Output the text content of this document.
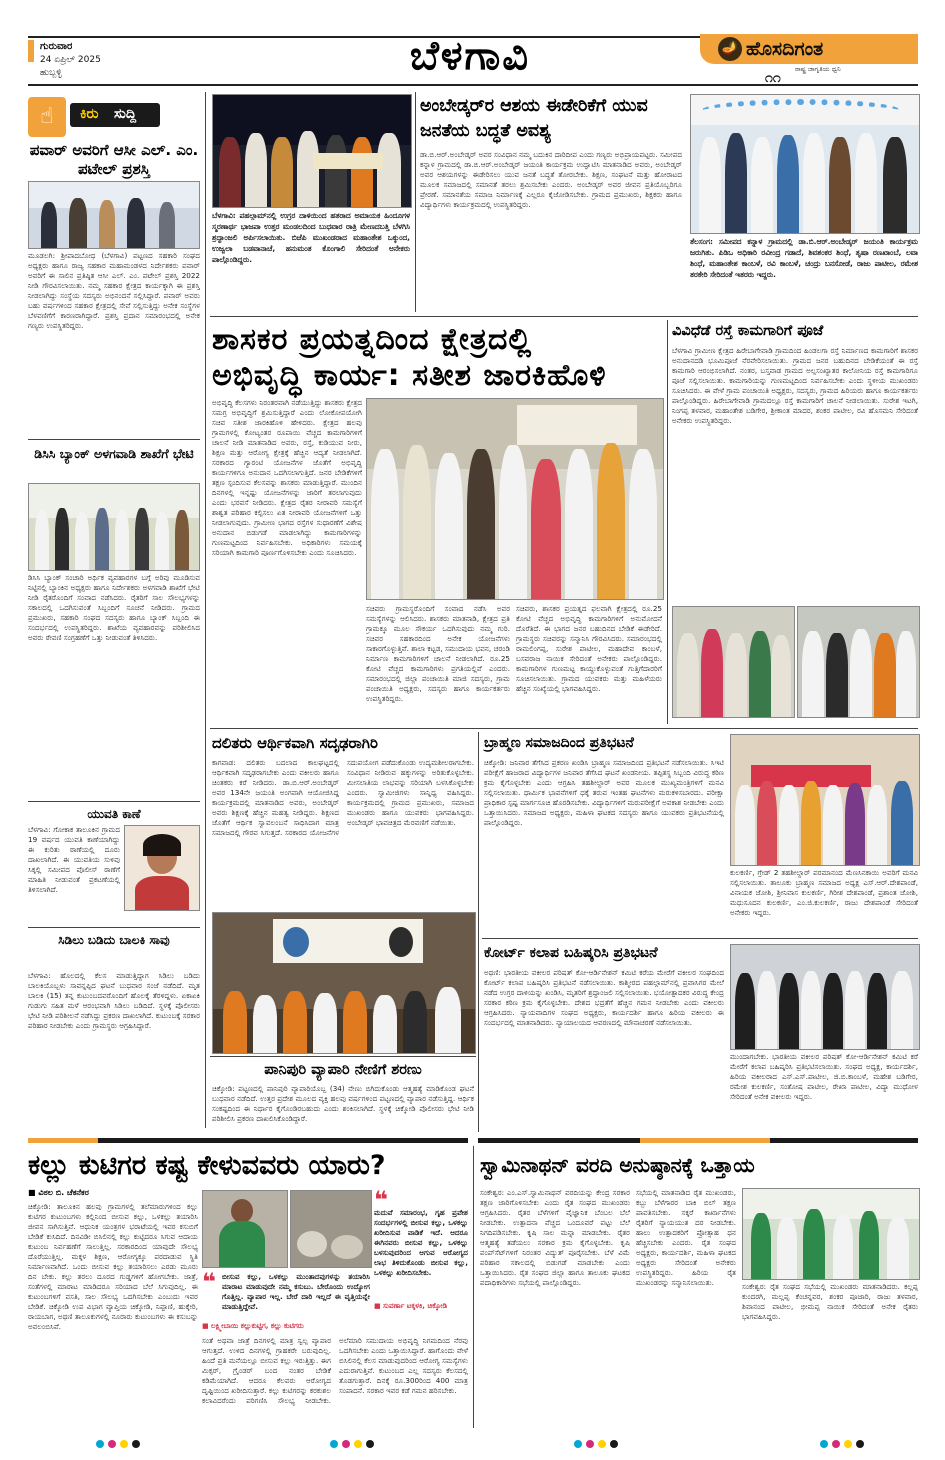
ಗುರುವಾರ
24 ಏಪ್ರಿಲ್ 2025
ಹುಬ್ಬಳ್ಳಿ	ಬೆಳಗಾವಿ	🪔 ಹೊಸದಿಗಂತ
ರಾಷ್ಟ್ರ ಜಾಗೃತಿಯ ಧ್ವನಿ
೧೧
☝	ಕಿರು ಸುದ್ದಿ
ಪವಾರ್ ಅವರಿಗೆ ಆಸೀ ಎಲ್. ಎಂ. ಪಟೇಲ್ ಪ್ರಶಸ್ತಿ
ಮೂಡಲಗಿ: ಶ್ರೀಪಾದಬೋಧ (ಬೆಳಗಾವಿ) ಪಟ್ಟಣದ ಸಹಕಾರಿ ಸಂಘದ ಅಧ್ಯಕ್ಷರು ಹಾಗೂ ರಾಜ್ಯ ಸಹಕಾರ ಮಹಾಮಂಡಳದ ನಿರ್ದೇಶಕರು ಪವಾರ್ ಅವರಿಗೆ ಈ ಸಾಲಿನ ಪ್ರತಿಷ್ಠಿತ ಆಸೀ ಎಲ್. ಎಂ. ಪಟೇಲ್ ಪ್ರಶಸ್ತಿ 2022 ನೀಡಿ ಗೌರವಿಸಲಾಯಿತು. ನಮ್ಮ ಸಹಕಾರ ಕ್ಷೇತ್ರದ ಕಾರ್ಯಕ್ಕಾಗಿ ಈ ಪ್ರಶಸ್ತಿ ನೀಡಲಾಗಿದ್ದು ಸಂಸ್ಥೆಯ ಸದಸ್ಯರು ಅಭಿನಂದನೆ ಸಲ್ಲಿಸಿದ್ದಾರೆ. ಪವಾರ್ ಅವರು ಬಹು ವರ್ಷಗಳಿಂದ ಸಹಕಾರ ಕ್ಷೇತ್ರದಲ್ಲಿ ಸೇವೆ ಸಲ್ಲಿಸುತ್ತಿದ್ದು ಅನೇಕ ಸಂಸ್ಥೆಗಳ ಬೆಳವಣಿಗೆಗೆ ಕಾರಣರಾಗಿದ್ದಾರೆ. ಪ್ರಶಸ್ತಿ ಪ್ರದಾನ ಸಮಾರಂಭದಲ್ಲಿ ಅನೇಕ ಗಣ್ಯರು ಉಪಸ್ಥಿತರಿದ್ದರು.
ಡಿಸಿಸಿ ಬ್ಯಾಂಕ್ ಅಳಗವಾಡಿ ಶಾಖೆಗೆ ಭೇಟಿ
ಡಿಸಿಸಿ ಬ್ಯಾಂಕ್ ಸಂಚಾರಿ ಅರ್ಥಿಕ ವ್ಯವಹಾರಗಳ ಬಗ್ಗೆ ಅರಿವು ಮೂಡಿಸುವ ನಿಟ್ಟಿನಲ್ಲಿ ಬ್ಯಾಂಕಿನ ಅಧ್ಯಕ್ಷರು ಹಾಗೂ ನಿರ್ದೇಶಕರು ಅಳಗವಾಡಿ ಶಾಖೆಗೆ ಭೇಟಿ ನೀಡಿ ರೈತರೊಂದಿಗೆ ಸಂವಾದ ನಡೆಸಿದರು. ರೈತರಿಗೆ ಸಾಲ ಸೌಲಭ್ಯಗಳನ್ನು ಸಕಾಲದಲ್ಲಿ ಒದಗಿಸುವಂತೆ ಸಿಬ್ಬಂದಿಗೆ ಸೂಚನೆ ನೀಡಿದರು. ಗ್ರಾಮದ ಪ್ರಮುಖರು, ಸಹಕಾರಿ ಸಂಘದ ಸದಸ್ಯರು ಹಾಗೂ ಬ್ಯಾಂಕ್ ಸಿಬ್ಬಂದಿ ಈ ಸಂದರ್ಭದಲ್ಲಿ ಉಪಸ್ಥಿತರಿದ್ದರು. ಶಾಖೆಯ ವ್ಯವಹಾರವನ್ನು ಪರಿಶೀಲಿಸಿದ ಅವರು ಠೇವಣಿ ಸಂಗ್ರಹಣೆಗೆ ಒತ್ತು ನೀಡುವಂತೆ ತಿಳಿಸಿದರು.
ಯುವತಿ ಕಾಣೆ
ಬೆಳಗಾವಿ: ಗೋಕಾಕ ತಾಲೂಕಿನ ಗ್ರಾಮದ 19 ವರ್ಷದ ಯುವತಿ ಕಾಣೆಯಾಗಿದ್ದು ಈ ಕುರಿತು ಠಾಣೆಯಲ್ಲಿ ದೂರು ದಾಖಲಾಗಿದೆ. ಈ ಯುವತಿಯ ಸುಳಿವು ಸಿಕ್ಕಲ್ಲಿ ಸಮೀಪದ ಪೊಲೀಸ್ ಠಾಣೆಗೆ ಮಾಹಿತಿ ನೀಡುವಂತೆ ಪ್ರಕಟಣೆಯಲ್ಲಿ ತಿಳಿಸಲಾಗಿದೆ.
ಸಿಡಿಲು ಬಡಿದು ಬಾಲಕಿ ಸಾವು
ಬೆಳಗಾವಿ: ಹೊಲದಲ್ಲಿ ಕೆಲಸ ಮಾಡುತ್ತಿದ್ದಾಗ ಸಿಡಿಲು ಬಡಿದು ಬಾಲಕಿಯೊಬ್ಬಳು ಸಾವನ್ನಪ್ಪಿದ ಘಟನೆ ಬುಧವಾರ ಸಂಜೆ ನಡೆದಿದೆ. ಮೃತ ಬಾಲಕಿ (15) ತನ್ನ ಕುಟುಂಬದವರೊಂದಿಗೆ ಹೊಲಕ್ಕೆ ತೆರಳಿದ್ದಳು. ಏಕಾಏಕಿ ಗುಡುಗು ಸಹಿತ ಮಳೆ ಆರಂಭವಾಗಿ ಸಿಡಿಲು ಬಡಿದಿದೆ. ಸ್ಥಳಕ್ಕೆ ಪೊಲೀಸರು ಭೇಟಿ ನೀಡಿ ಪರಿಶೀಲನೆ ನಡೆಸಿದ್ದು ಪ್ರಕರಣ ದಾಖಲಾಗಿದೆ. ಕುಟುಂಬಕ್ಕೆ ಸರಕಾರ ಪರಿಹಾರ ನೀಡಬೇಕು ಎಂದು ಗ್ರಾಮಸ್ಥರು ಆಗ್ರಹಿಸಿದ್ದಾರೆ.
ಬೆಳಗಾವಿ: ಪಹಲ್ಗಾಮ್‌ನಲ್ಲಿ ಉಗ್ರರ ದಾಳಿಯಿಂದ ಹತರಾದ ಅಮಾಯಕ ಹಿಂದೂಗಳ ಸ್ಮರಣಾರ್ಥ ಭಾಜಪಾ ಉತ್ತರ ಮಂಡಲದಿಂದ ಬುಧವಾರ ರಾತ್ರಿ ಮೇಣದಬತ್ತಿ ಬೆಳಗಿಸಿ ಶ್ರದ್ಧಾಂಜಲಿ ಅರ್ಪಿಸಲಾಯಿತು. ಬಿಜೆಪಿ ಮುಖಂಡರಾದ ಮಹಾಂತೇಶ ಒಕ್ಕುಂದ, ಉಜ್ವಲಾ ಬಡವಾನಾಚೆ, ಹನುಮಂತ ಕೊಂಗಾಲಿ ಸೇರಿದಂತೆ ಅನೇಕರು ಪಾಲ್ಗೊಂಡಿದ್ದರು.
ಅಂಬೇಡ್ಕರ್‌ರ ಆಶಯ ಈಡೇರಿಕೆಗೆ ಯುವ ಜನತೆಯ ಬದ್ಧತೆ ಅವಶ್ಯ
ಡಾ.ಬಿ.ಆರ್.ಅಂಬೇಡ್ಕರ್ ಅವರ ಸಂವಿಧಾನ ನಮ್ಮ ಬದುಕಿನ ದಾರಿದೀಪ ಎಂದು ಗಣ್ಯರು ಅಭಿಪ್ರಾಯಪಟ್ಟರು. ಸಮೀಪದ ಕನ್ನಾಳ ಗ್ರಾಮದಲ್ಲಿ ಡಾ.ಬಿ.ಆರ್.ಅಂಬೇಡ್ಕರ್ ಜಯಂತಿ ಕಾರ್ಯಕ್ರಮ ಉದ್ಘಾಟಿಸಿ ಮಾತನಾಡಿದ ಅವರು, ಅಂಬೇಡ್ಕರ್ ಅವರ ಆಶಯಗಳನ್ನು ಈಡೇರಿಸಲು ಯುವ ಜನತೆ ಬದ್ಧತೆ ತೋರಬೇಕು. ಶಿಕ್ಷಣ, ಸಂಘಟನೆ ಮತ್ತು ಹೋರಾಟದ ಮೂಲಕ ಸಮಾಜದಲ್ಲಿ ಸಮಾನತೆ ತರಲು ಶ್ರಮಿಸಬೇಕು ಎಂದರು. ಅಂಬೇಡ್ಕರ್ ಅವರ ಜೀವನ ಪ್ರತಿಯೊಬ್ಬರಿಗೂ ಪ್ರೇರಣೆ. ಸಮಾನತೆಯ ಸಮಾಜ ನಿರ್ಮಾಣಕ್ಕೆ ಎಲ್ಲರೂ ಕೈಜೋಡಿಸಬೇಕು. ಗ್ರಾಮದ ಪ್ರಮುಖರು, ಶಿಕ್ಷಕರು ಹಾಗೂ ವಿದ್ಯಾರ್ಥಿಗಳು ಕಾರ್ಯಕ್ರಮದಲ್ಲಿ ಉಪಸ್ಥಿತರಿದ್ದರು.
ತೆಲಸಂಗ: ಸಮೀಪದ ಕನ್ನಾಳ ಗ್ರಾಮದಲ್ಲಿ ಡಾ.ಬಿ.ಆರ್.ಅಂಬೇಡ್ಕರ್ ಜಯಂತಿ ಕಾರ್ಯಕ್ರಮ ಜರುಗಿತು. ಪಿಡಿಒ ಅಧಿಕಾರಿ ರವೀಂದ್ರ ಗಡಾದೆ, ಶಿವಶಂಕರ ಶಿಂಧೆ, ತೃಷಾ ರಣಖಾಂಬೆ, ಲವಾ ಶಿಂಧೆ, ಮಹಾಂತೇಶ ಕಾಂಬಳೆ, ರವಿ ಕಾಂಬಳೆ, ಚಂದ್ರು ಬನಸೋಡೆ, ರಾಜು ಪಾಟೀಲ, ರಮೇಶ ತರಕೇರಿ ಸೇರಿದಂತೆ ಇತರರು ಇದ್ದರು.
ಶಾಸಕರ ಪ್ರಯತ್ನದಿಂದ ಕ್ಷೇತ್ರದಲ್ಲಿ
ಅಭಿವೃದ್ಧಿ ಕಾರ್ಯ: ಸತೀಶ ಜಾರಕಿಹೊಳಿ
ಅಭಿವೃದ್ಧಿ ಕೆಲಸಗಳು ನಿರಂತರವಾಗಿ ನಡೆಯುತ್ತಿದ್ದು ಶಾಸಕರು ಕ್ಷೇತ್ರದ ಸಮಗ್ರ ಅಭಿವೃದ್ಧಿಗೆ ಶ್ರಮಿಸುತ್ತಿದ್ದಾರೆ ಎಂದು ಲೋಕೋಪಯೋಗಿ ಸಚಿವ ಸತೀಶ ಜಾರಕಿಹೊಳಿ ಹೇಳಿದರು. ಕ್ಷೇತ್ರದ ಹಲವು ಗ್ರಾಮಗಳಲ್ಲಿ ಕೋಟ್ಯಂತರ ರೂಪಾಯಿ ವೆಚ್ಚದ ಕಾಮಗಾರಿಗಳಿಗೆ ಚಾಲನೆ ನೀಡಿ ಮಾತನಾಡಿದ ಅವರು, ರಸ್ತೆ, ಕುಡಿಯುವ ನೀರು, ಶಿಕ್ಷಣ ಮತ್ತು ಆರೋಗ್ಯ ಕ್ಷೇತ್ರಕ್ಕೆ ಹೆಚ್ಚಿನ ಆದ್ಯತೆ ನೀಡಲಾಗಿದೆ. ಸರಕಾರದ ಗ್ಯಾರಂಟಿ ಯೋಜನೆಗಳ ಜೊತೆಗೆ ಅಭಿವೃದ್ಧಿ ಕಾರ್ಯಗಳಿಗೂ ಅನುದಾನ ಒದಗಿಸಲಾಗುತ್ತಿದೆ. ಜನರ ಬೇಡಿಕೆಗಳಿಗೆ ತಕ್ಷಣ ಸ್ಪಂದಿಸುವ ಕೆಲಸವನ್ನು ಶಾಸಕರು ಮಾಡುತ್ತಿದ್ದಾರೆ. ಮುಂದಿನ ದಿನಗಳಲ್ಲಿ ಇನ್ನಷ್ಟು ಯೋಜನೆಗಳನ್ನು ಜಾರಿಗೆ ತರಲಾಗುವುದು ಎಂದು ಭರವಸೆ ನೀಡಿದರು. ಕ್ಷೇತ್ರದ ರೈತರ ನೀರಾವರಿ ಸಮಸ್ಯೆಗೆ ಶಾಶ್ವತ ಪರಿಹಾರ ಕಲ್ಪಿಸಲು ಏತ ನೀರಾವರಿ ಯೋಜನೆಗಳಿಗೆ ಒತ್ತು ನೀಡಲಾಗುವುದು. ಗ್ರಾಮೀಣ ಭಾಗದ ರಸ್ತೆಗಳ ಸುಧಾರಣೆಗೆ ವಿಶೇಷ ಅನುದಾನ ಬಿಡುಗಡೆ ಮಾಡಲಾಗಿದ್ದು ಕಾಮಗಾರಿಗಳನ್ನು ಗುಣಮಟ್ಟದಿಂದ ನಿರ್ವಹಿಸಬೇಕು. ಅಧಿಕಾರಿಗಳು ಸಮಯಕ್ಕೆ ಸರಿಯಾಗಿ ಕಾಮಗಾರಿ ಪೂರ್ಣಗೊಳಿಸಬೇಕು ಎಂದು ಸೂಚಿಸಿದರು.
ಸಚಿವರು ಗ್ರಾಮಸ್ಥರೊಂದಿಗೆ ಸಂವಾದ ನಡೆಸಿ ಅವರ ಸಮಸ್ಯೆಗಳನ್ನು ಆಲಿಸಿದರು. ಶಾಸಕರು ಮಾತನಾಡಿ, ಕ್ಷೇತ್ರದ ಪ್ರತಿ ಗ್ರಾಮಕ್ಕೂ ಮೂಲ ಸೌಕರ್ಯ ಒದಗಿಸುವುದು ನಮ್ಮ ಗುರಿ. ಸಚಿವರ ಸಹಕಾರದಿಂದ ಅನೇಕ ಯೋಜನೆಗಳು ಸಾಕಾರಗೊಳ್ಳುತ್ತಿವೆ. ಶಾಲಾ ಕಟ್ಟಡ, ಸಮುದಾಯ ಭವನ, ಚರಂಡಿ ನಿರ್ಮಾಣ ಕಾಮಗಾರಿಗಳಿಗೆ ಚಾಲನೆ ನೀಡಲಾಗಿದೆ. ರೂ.25 ಕೋಟಿ ವೆಚ್ಚದ ಕಾಮಗಾರಿಗಳು ಪ್ರಗತಿಯಲ್ಲಿವೆ ಎಂದರು. ಸಮಾರಂಭದಲ್ಲಿ ಜಿಲ್ಲಾ ಪಂಚಾಯಿತಿ ಮಾಜಿ ಸದಸ್ಯರು, ಗ್ರಾಮ ಪಂಚಾಯಿತಿ ಅಧ್ಯಕ್ಷರು, ಸದಸ್ಯರು ಹಾಗೂ ಕಾರ್ಯಕರ್ತರು ಉಪಸ್ಥಿತರಿದ್ದರು.
ಸಚಿವರು, ಶಾಸಕರ ಪ್ರಯತ್ನದ ಫಲವಾಗಿ ಕ್ಷೇತ್ರದಲ್ಲಿ ರೂ.25 ಕೋಟಿ ವೆಚ್ಚದ ಅಭಿವೃದ್ಧಿ ಕಾಮಗಾರಿಗಳಿಗೆ ಅನುಮೋದನೆ ದೊರೆತಿದೆ. ಈ ಭಾಗದ ಜನರ ಬಹುದಿನದ ಬೇಡಿಕೆ ಈಡೇರಿದೆ. ಗ್ರಾಮಸ್ಥರು ಸಚಿವರನ್ನು ಸನ್ಮಾನಿಸಿ ಗೌರವಿಸಿದರು. ಸಮಾರಂಭದಲ್ಲಿ ರಾಮಲಿಂಗಪ್ಪ, ಸುರೇಶ ಪಾಟೀಲ, ಮಹಾದೇವ ಕಾಂಬಳೆ, ಬಸವರಾಜ ನಾಯಿಕ ಸೇರಿದಂತೆ ಅನೇಕರು ಪಾಲ್ಗೊಂಡಿದ್ದರು. ಕಾಮಗಾರಿಗಳ ಗುಣಮಟ್ಟ ಕಾಯ್ದುಕೊಳ್ಳುವಂತೆ ಗುತ್ತಿಗೆದಾರರಿಗೆ ಸೂಚಿಸಲಾಯಿತು. ಗ್ರಾಮದ ಯುವಕರು ಮತ್ತು ಮಹಿಳೆಯರು ಹೆಚ್ಚಿನ ಸಂಖ್ಯೆಯಲ್ಲಿ ಭಾಗವಹಿಸಿದ್ದರು.
ವಿವಿಧೆಡೆ ರಸ್ತೆ ಕಾಮಗಾರಿಗೆ ಪೂಜೆ
ಬೆಳಗಾವಿ ಗ್ರಾಮೀಣ ಕ್ಷೇತ್ರದ ಹಿರೇಬಾಗೇವಾಡಿ ಗ್ರಾಮದಿಂದ ಹಿಂಡಲಗಾ ರಸ್ತೆ ನಿರ್ಮಾಣದ ಕಾಮಗಾರಿಗೆ ಶಾಸಕರ ಅನುದಾನದಡಿ ಭೂಮಿಪೂಜೆ ನೆರವೇರಿಸಲಾಯಿತು. ಗ್ರಾಮದ ಜನರ ಬಹುದಿನದ ಬೇಡಿಕೆಯಂತೆ ಈ ರಸ್ತೆ ಕಾಮಗಾರಿ ಆರಂಭಿಸಲಾಗಿದೆ. ನಂತರ, ಬಸ್ತವಾಡ ಗ್ರಾಮದ ಅಲ್ಪಸಂಖ್ಯಾತರ ಕಾಲೋನಿಯ ರಸ್ತೆ ಕಾಮಗಾರಿಗೂ ಪೂಜೆ ಸಲ್ಲಿಸಲಾಯಿತು. ಕಾಮಗಾರಿಯನ್ನು ಗುಣಮಟ್ಟದಿಂದ ನಿರ್ವಹಿಸಬೇಕು ಎಂದು ಸ್ಥಳೀಯ ಮುಖಂಡರು ಸೂಚಿಸಿದರು. ಈ ವೇಳೆ ಗ್ರಾಮ ಪಂಚಾಯಿತಿ ಅಧ್ಯಕ್ಷರು, ಸದಸ್ಯರು, ಗ್ರಾಮದ ಹಿರಿಯರು ಹಾಗೂ ಕಾರ್ಯಕರ್ತರು ಪಾಲ್ಗೊಂಡಿದ್ದರು. ಹಿರೇಬಾಗೇವಾಡಿ ಗ್ರಾಮದಲ್ಲೂ ರಸ್ತೆ ಕಾಮಗಾರಿಗೆ ಚಾಲನೆ ನೀಡಲಾಯಿತು. ಸುರೇಶ ಇಟಗಿ, ನಿಂಗಪ್ಪ ತಳವಾರ, ಮಹಾಂತೇಶ ಬಡಿಗೇರ, ಶ್ರೀಕಾಂತ ಮಾದರ, ಶಂಕರ ಪಾಟೀಲ, ರವಿ ಹೊಸಮನಿ ಸೇರಿದಂತೆ ಅನೇಕರು ಉಪಸ್ಥಿತರಿದ್ದರು.
ದಲಿತರು ಆರ್ಥಿಕವಾಗಿ ಸದೃಢರಾಗಿರಿ
ಕಾಗವಾಡ: ದಲಿತರು ಬದಲಾದ ಕಾಲಘಟ್ಟದಲ್ಲಿ ಆರ್ಥಿಕವಾಗಿ ಸದೃಢರಾಗಬೇಕು ಎಂದು ವಕೀಲರು ಹಾಗೂ ಚಿಂತಕರು ಕರೆ ನೀಡಿದರು. ಡಾ.ಬಿ.ಆರ್.ಅಂಬೇಡ್ಕರ್ ಅವರ 134ನೇ ಜಯಂತಿ ಅಂಗವಾಗಿ ಆಯೋಜಿಸಿದ್ದ ಕಾರ್ಯಕ್ರಮದಲ್ಲಿ ಮಾತನಾಡಿದ ಅವರು, ಅಂಬೇಡ್ಕರ್ ಅವರು ಶಿಕ್ಷಣಕ್ಕೆ ಹೆಚ್ಚಿನ ಮಹತ್ವ ನೀಡಿದ್ದರು. ಶಿಕ್ಷಣದ ಜೊತೆಗೆ ಆರ್ಥಿಕ ಸ್ವಾವಲಂಬನೆ ಸಾಧಿಸಿದಾಗ ಮಾತ್ರ ಸಮಾಜದಲ್ಲಿ ಗೌರವ ಸಿಗುತ್ತದೆ. ಸರಕಾರದ ಯೋಜನೆಗಳ ಸದುಪಯೋಗ ಪಡೆದುಕೊಂಡು ಉದ್ಯಮಶೀಲರಾಗಬೇಕು. ಸಂವಿಧಾನ ನೀಡಿರುವ ಹಕ್ಕುಗಳನ್ನು ಅರಿತುಕೊಳ್ಳಬೇಕು. ಮೀಸಲಾತಿಯ ಲಾಭವನ್ನು ಸರಿಯಾಗಿ ಬಳಸಿಕೊಳ್ಳಬೇಕು ಎಂದರು. ಸ್ವಾಮೀಜಿಗಳು ಸಾನ್ನಿಧ್ಯ ವಹಿಸಿದ್ದರು. ಕಾರ್ಯಕ್ರಮದಲ್ಲಿ ಗ್ರಾಮದ ಪ್ರಮುಖರು, ಸಮಾಜದ ಮುಖಂಡರು ಹಾಗೂ ಯುವಕರು ಭಾಗವಹಿಸಿದ್ದರು. ಅಂಬೇಡ್ಕರ್ ಭಾವಚಿತ್ರದ ಮೆರವಣಿಗೆ ನಡೆಯಿತು.
ಪಾನಿಪುರಿ ವ್ಯಾಪಾರಿ ನೇಣಿಗೆ ಶರಣು
ಚಿಕ್ಕೋಡಿ: ಪಟ್ಟಣದಲ್ಲಿ ಪಾನಿಪುರಿ ವ್ಯಾಪಾರಿಯೊಬ್ಬ (34) ನೇಣು ಬಿಗಿದುಕೊಂಡು ಆತ್ಮಹತ್ಯೆ ಮಾಡಿಕೊಂಡ ಘಟನೆ ಬುಧವಾರ ನಡೆದಿದೆ. ಉತ್ತರ ಪ್ರದೇಶ ಮೂಲದ ವ್ಯಕ್ತಿ ಹಲವು ವರ್ಷಗಳಿಂದ ಪಟ್ಟಣದಲ್ಲಿ ವ್ಯಾಪಾರ ನಡೆಸುತ್ತಿದ್ದ. ಆರ್ಥಿಕ ಸಂಕಷ್ಟದಿಂದ ಈ ನಿರ್ಧಾರ ಕೈಗೊಂಡಿರಬಹುದು ಎಂದು ಶಂಕಿಸಲಾಗಿದೆ. ಸ್ಥಳಕ್ಕೆ ಚಿಕ್ಕೋಡಿ ಪೊಲೀಸರು ಭೇಟಿ ನೀಡಿ ಪರಿಶೀಲಿಸಿ ಪ್ರಕರಣ ದಾಖಲಿಸಿಕೊಂಡಿದ್ದಾರೆ.
ಬ್ರಾಹ್ಮಣ ಸಮಾಜದಿಂದ ಪ್ರತಿಭಟನೆ
ಚಿಕ್ಕೋಡಿ: ಜನಿವಾರ ತೆಗೆಸಿದ ಪ್ರಕರಣ ಖಂಡಿಸಿ ಬ್ರಾಹ್ಮಣ ಸಮಾಜದಿಂದ ಪ್ರತಿಭಟನೆ ನಡೆಸಲಾಯಿತು. ಸಿಇಟಿ ಪರೀಕ್ಷೆಗೆ ಹಾಜರಾದ ವಿದ್ಯಾರ್ಥಿಗಳ ಜನಿವಾರ ತೆಗೆಸಿದ ಘಟನೆ ಖಂಡನೀಯ. ತಪ್ಪಿತಸ್ಥ ಸಿಬ್ಬಂದಿ ವಿರುದ್ಧ ಕಠಿಣ ಕ್ರಮ ಕೈಗೊಳ್ಳಬೇಕು ಎಂದು ಆಗ್ರಹಿಸಿ ತಹಶೀಲ್ದಾರ್ ಅವರ ಮೂಲಕ ಮುಖ್ಯಮಂತ್ರಿಗಳಿಗೆ ಮನವಿ ಸಲ್ಲಿಸಲಾಯಿತು. ಧಾರ್ಮಿಕ ಭಾವನೆಗಳಿಗೆ ಧಕ್ಕೆ ತರುವ ಇಂತಹ ಘಟನೆಗಳು ಮರುಕಳಿಸಬಾರದು. ಪರೀಕ್ಷಾ ಪ್ರಾಧಿಕಾರ ಸ್ಪಷ್ಟ ಮಾರ್ಗಸೂಚಿ ಹೊರಡಿಸಬೇಕು. ವಿದ್ಯಾರ್ಥಿಗಳಿಗೆ ಮರುಪರೀಕ್ಷೆಗೆ ಅವಕಾಶ ನೀಡಬೇಕು ಎಂದು ಒತ್ತಾಯಿಸಿದರು. ಸಮಾಜದ ಅಧ್ಯಕ್ಷರು, ಮಹಿಳಾ ಘಟಕದ ಸದಸ್ಯರು ಹಾಗೂ ಯುವಕರು ಪ್ರತಿಭಟನೆಯಲ್ಲಿ ಪಾಲ್ಗೊಂಡಿದ್ದರು.
ಕುಲಕರ್ಣಿ, ಗ್ರೇಡ್ 2 ತಹಶೀಲ್ದಾರ್ ಪರಮಾನಂದ ಮೆಣಸಿನಕಾಯಿ ಅವರಿಗೆ ಮನವಿ ಸಲ್ಲಿಸಲಾಯಿತು. ತಾಲೂಕು ಬ್ರಾಹ್ಮಣ ಸಮಾಜದ ಅಧ್ಯಕ್ಷ ಎಸ್.ಆರ್.ದೇಶಪಾಂಡೆ, ವಿನಾಯಕ ಜೋಶಿ, ಶ್ರೀನಿವಾಸ ಕುಲಕರ್ಣಿ, ಗಿರೀಶ ದೇಶಪಾಂಡೆ, ಪ್ರಶಾಂತ ಜೋಶಿ, ಮಧುಸೂದನ ಕುಲಕರ್ಣಿ, ಎಂ.ಜಿ.ಕುಲಕರ್ಣಿ, ರಾಜು ದೇಶಪಾಂಡೆ ಸೇರಿದಂತೆ ಅನೇಕರು ಇದ್ದರು.
ಕೋರ್ಟ್ ಕಲಾಪ ಬಹಿಷ್ಕರಿಸಿ ಪ್ರತಿಭಟನೆ
ಅಥಣಿ: ಭಾರತೀಯ ವಕೀಲರ ಪರಿಷತ್ ಕೋ-ಆರ್ಡಿನೇಶನ್ ಕಮಿಟಿ ಕರೆಯ ಮೇರೆಗೆ ವಕೀಲರ ಸಂಘದಿಂದ ಕೋರ್ಟ್ ಕಲಾಪ ಬಹಿಷ್ಕರಿಸಿ ಪ್ರತಿಭಟನೆ ನಡೆಸಲಾಯಿತು. ಕಾಶ್ಮೀರದ ಪಹಲ್ಗಾಮ್‌ನಲ್ಲಿ ಪ್ರವಾಸಿಗರ ಮೇಲೆ ನಡೆದ ಉಗ್ರರ ದಾಳಿಯನ್ನು ಖಂಡಿಸಿ, ಮೃತರಿಗೆ ಶ್ರದ್ಧಾಂಜಲಿ ಸಲ್ಲಿಸಲಾಯಿತು. ಭಯೋತ್ಪಾದಕರ ವಿರುದ್ಧ ಕೇಂದ್ರ ಸರಕಾರ ಕಠಿಣ ಕ್ರಮ ಕೈಗೊಳ್ಳಬೇಕು. ದೇಶದ ಭದ್ರತೆಗೆ ಹೆಚ್ಚಿನ ಗಮನ ನೀಡಬೇಕು ಎಂದು ವಕೀಲರು ಆಗ್ರಹಿಸಿದರು. ನ್ಯಾಯವಾದಿಗಳ ಸಂಘದ ಅಧ್ಯಕ್ಷರು, ಕಾರ್ಯದರ್ಶಿ ಹಾಗೂ ಹಿರಿಯ ವಕೀಲರು ಈ ಸಂದರ್ಭದಲ್ಲಿ ಮಾತನಾಡಿದರು. ನ್ಯಾಯಾಲಯದ ಆವರಣದಲ್ಲಿ ಮೌನಾಚರಣೆ ನಡೆಸಲಾಯಿತು.
ಮುಂದಾಗಬೇಕು. ಭಾರತೀಯ ವಕೀಲರ ಪರಿಷತ್ ಕೋ-ಆರ್ಡಿನೇಶನ್ ಕಮಿಟಿ ಕರೆ ಮೇರೆಗೆ ಕಲಾಪ ಬಹಿಷ್ಕರಿಸಿ ಪ್ರತಿಭಟಿಸಲಾಯಿತು. ಸಂಘದ ಅಧ್ಯಕ್ಷ, ಕಾರ್ಯದರ್ಶಿ, ಹಿರಿಯ ವಕೀಲರಾದ ಎಸ್.ಎಸ್.ಪಾಟೀಲ, ಜಿ.ಬಿ.ಕಾಂಬಳೆ, ಮಹೇಶ ಬಡಿಗೇರ, ರಮೇಶ ಕುಲಕರ್ಣಿ, ಸಂತೋಷ ಪಾಟೀಲ, ರೇಖಾ ಪಾಟೀಲ, ವಿದ್ಯಾ ಮುಧೋಳ ಸೇರಿದಂತೆ ಅನೇಕ ವಕೀಲರು ಇದ್ದರು.
ಕಲ್ಲು ಕುಟಿಗರ ಕಷ್ಟ ಕೇಳುವವರು ಯಾರು?
■ ವಿಠಲ ಬಿ. ಚೆಕನೆಕರ
ಚಿಕ್ಕೋಡಿ: ತಾಲೂಕಿನ ಹಲವು ಗ್ರಾಮಗಳಲ್ಲಿ ತಲೆಮಾರುಗಳಿಂದ ಕಲ್ಲು ಕುಟಿಗರ ಕುಟುಂಬಗಳು ಕಲ್ಲಿನಿಂದ ಬೀಸುವ ಕಲ್ಲು, ಒಳಕಲ್ಲು ತಯಾರಿಸಿ ಜೀವನ ಸಾಗಿಸುತ್ತಿವೆ. ಆಧುನಿಕ ಯಂತ್ರಗಳ ಭರಾಟೆಯಲ್ಲಿ ಇವರ ಕಸುಬಿಗೆ ಬೇಡಿಕೆ ಕುಸಿದಿದೆ. ದಿನವಿಡೀ ಬಿಸಿಲಿನಲ್ಲಿ ಕಲ್ಲು ಕುಟ್ಟಿದರೂ ಸಿಗುವ ಆದಾಯ ಕುಟುಂಬ ನಿರ್ವಹಣೆಗೆ ಸಾಲುತ್ತಿಲ್ಲ. ಸರಕಾರದಿಂದ ಯಾವುದೇ ಸೌಲಭ್ಯ ದೊರೆಯುತ್ತಿಲ್ಲ. ಮಕ್ಕಳ ಶಿಕ್ಷಣ, ಆರೋಗ್ಯಕ್ಕೂ ಪರದಾಡುವ ಸ್ಥಿತಿ ನಿರ್ಮಾಣವಾಗಿದೆ. ಒಂದು ಬೀಸುವ ಕಲ್ಲು ತಯಾರಿಸಲು ಎರಡು ಮೂರು ದಿನ ಬೇಕು. ಕಲ್ಲು ತರಲು ದೂರದ ಗುಡ್ಡಗಳಿಗೆ ಹೋಗಬೇಕು. ಜಾತ್ರೆ, ಸಂತೆಗಳಲ್ಲಿ ಮಾರಾಟ ಮಾಡಿದರೂ ಸರಿಯಾದ ಬೆಲೆ ಸಿಗುವುದಿಲ್ಲ. ಈ ಕುಟುಂಬಗಳಿಗೆ ವಸತಿ, ಸಾಲ ಸೌಲಭ್ಯ ಒದಗಿಸಬೇಕು ಎಂಬುದು ಇವರ ಬೇಡಿಕೆ. ಚಿಕ್ಕೋಡಿ ಉಪ ವಿಭಾಗ ವ್ಯಾಪ್ತಿಯ ಚಿಕ್ಕೋಡಿ, ನಿಪ್ಪಾಣಿ, ಹುಕ್ಕೇರಿ, ರಾಯಬಾಗ, ಅಥಣಿ ತಾಲೂಕುಗಳಲ್ಲಿ ನೂರಾರು ಕುಟುಂಬಗಳು ಈ ಕಸುಬನ್ನು ಅವಲಂಬಿಸಿವೆ.
❝
ಮದುವೆ ಸಮಾರಂಭ, ಗೃಹ ಪ್ರವೇಶ ಸಂದರ್ಭಗಳಲ್ಲಿ ಬೀಸುವ ಕಲ್ಲು, ಒಳಕಲ್ಲು ಖರೀದಿಸುವ ವಾಡಿಕೆ ಇದೆ. ಆದರೂ ಈಗಿನವರು ಬೀಸುವ ಕಲ್ಲು, ಒಳಕಲ್ಲು ಬಳಸುವುದರಿಂದ ಆಗುವ ಆರೋಗ್ಯದ ಲಾಭ ತಿಳಿದುಕೊಂಡು ಬೀಸುವ ಕಲ್ಲು, ಒಳಕಲ್ಲು ಖರೀದಿಸಬೇಕು.
■ ಸುವರ್ಣಾ ಟಕ್ಕಳಕಿ, ಚಿಕ್ಕೋಡಿ
❝ ಬೀಸುವ ಕಲ್ಲು, ಒಳಕಲ್ಲು ಮುಂತಾದವುಗಳನ್ನು ತಯಾರಿಸಿ ಮಾರಾಟ ಮಾಡುವುದೇ ನಮ್ಮ ಕಸುಬು. ಬೇರೊಂದು ಉದ್ಯೋಗ ಗೊತ್ತಿಲ್ಲ. ವ್ಯಾಪಾರ ಇಲ್ಲ. ಬೇರೆ ದಾರಿ ಇಲ್ಲದೆ ಈ ವೃತ್ತಿಯನ್ನೇ ಮಾಡುತ್ತಿದ್ದೇವೆ.
■ ಲಕ್ಷ್ಮೀಬಾಯಿ ಕಲ್ಲುಕುಟ್ಟಿಗ, ಕಲ್ಲು ಕುಟಿಗರು
ಸಂತೆ ಅಥವಾ ಜಾತ್ರೆ ದಿನಗಳಲ್ಲಿ ಮಾತ್ರ ಸ್ವಲ್ಪ ವ್ಯಾಪಾರ ಆಗುತ್ತದೆ. ಉಳಿದ ದಿನಗಳಲ್ಲಿ ಗ್ರಾಹಕರೇ ಬರುವುದಿಲ್ಲ. ಹಿಂದೆ ಪ್ರತಿ ಮನೆಯಲ್ಲೂ ಬೀಸುವ ಕಲ್ಲು ಇರುತ್ತಿತ್ತು. ಈಗ ಮಿಕ್ಸರ್, ಗ್ರೈಂಡರ್ ಬಂದ ನಂತರ ಬೇಡಿಕೆ ಕಡಿಮೆಯಾಗಿದೆ. ಆದರೂ ಕೆಲವರು ಆರೋಗ್ಯದ ದೃಷ್ಟಿಯಿಂದ ಖರೀದಿಸುತ್ತಾರೆ. ಕಲ್ಲು ಕುಟಿಗರನ್ನು ಕರಕುಶಲ ಕಲಾವಿದರೆಂದು ಪರಿಗಣಿಸಿ ಸೌಲಭ್ಯ ನೀಡಬೇಕು. ಅಲೆಮಾರಿ ಸಮುದಾಯ ಅಭಿವೃದ್ಧಿ ನಿಗಮದಿಂದ ನೆರವು ಒದಗಿಸಬೇಕು ಎಂದು ಒತ್ತಾಯಿಸಿದ್ದಾರೆ. ಹಾಗೊಂದು ವೇಳೆ ಬಿಸಿಲಿನಲ್ಲಿ ಕೆಲಸ ಮಾಡುವುದರಿಂದ ಆರೋಗ್ಯ ಸಮಸ್ಯೆಗಳು ಎದುರಾಗುತ್ತಿವೆ. ಕುಟುಂಬದ ಎಲ್ಲ ಸದಸ್ಯರು ಕೆಲಸದಲ್ಲಿ ತೊಡಗುತ್ತಾರೆ. ದಿನಕ್ಕೆ ರೂ.300ರಿಂದ 400 ಮಾತ್ರ ಸಂಪಾದನೆ. ಸರಕಾರ ಇವರ ಕಡೆ ಗಮನ ಹರಿಸಬೇಕು.
ಸ್ವಾಮಿನಾಥನ್ ವರದಿ ಅನುಷ್ಠಾನಕ್ಕೆ ಒತ್ತಾಯ
ಸಂಕೇಶ್ವರ: ಎಂ.ಎಸ್.ಸ್ವಾಮಿನಾಥನ್ ವರದಿಯನ್ನು ಕೇಂದ್ರ ಸರಕಾರ ತಕ್ಷಣ ಜಾರಿಗೊಳಿಸಬೇಕು ಎಂದು ರೈತ ಸಂಘದ ಮುಖಂಡರು ಆಗ್ರಹಿಸಿದರು. ರೈತರ ಬೆಳೆಗಳಿಗೆ ವೈಜ್ಞಾನಿಕ ಬೆಂಬಲ ಬೆಲೆ ನೀಡಬೇಕು. ಉತ್ಪಾದನಾ ವೆಚ್ಚದ ಒಂದೂವರೆ ಪಟ್ಟು ಬೆಲೆ ನಿಗದಿಪಡಿಸಬೇಕು. ಕೃಷಿ ಸಾಲ ಮನ್ನಾ ಮಾಡಬೇಕು. ರೈತರ ಆತ್ಮಹತ್ಯೆ ತಡೆಯಲು ಸರಕಾರ ಕ್ರಮ ಕೈಗೊಳ್ಳಬೇಕು. ಕೃಷಿ ಪಂಪ್‌ಸೆಟ್‌ಗಳಿಗೆ ನಿರಂತರ ವಿದ್ಯುತ್ ಪೂರೈಸಬೇಕು. ಬೆಳೆ ವಿಮೆ ಪರಿಹಾರ ಸಕಾಲದಲ್ಲಿ ಬಿಡುಗಡೆ ಮಾಡಬೇಕು ಎಂದು ಒತ್ತಾಯಿಸಿದರು. ರೈತ ಸಂಘದ ಜಿಲ್ಲಾ ಹಾಗೂ ತಾಲೂಕು ಘಟಕದ ಪದಾಧಿಕಾರಿಗಳು ಸಭೆಯಲ್ಲಿ ಪಾಲ್ಗೊಂಡಿದ್ದರು.
ಸಭೆಯಲ್ಲಿ ಮಾತನಾಡಿದ ರೈತ ಮುಖಂಡರು, ಕಬ್ಬು ಬೆಳೆಗಾರರ ಬಾಕಿ ಬಿಲ್ ತಕ್ಷಣ ಪಾವತಿಸಬೇಕು. ಸಕ್ಕರೆ ಕಾರ್ಖಾನೆಗಳು ರೈತರಿಗೆ ನ್ಯಾಯಯುತ ದರ ನೀಡಬೇಕು. ಹಾಲು ಉತ್ಪಾದಕರಿಗೆ ಪ್ರೋತ್ಸಾಹ ಧನ ಹೆಚ್ಚಿಸಬೇಕು ಎಂದರು. ರೈತ ಸಂಘದ ಅಧ್ಯಕ್ಷರು, ಕಾರ್ಯದರ್ಶಿ, ಮಹಿಳಾ ಘಟಕದ ಅಧ್ಯಕ್ಷರು ಸೇರಿದಂತೆ ಅನೇಕರು ಉಪಸ್ಥಿತರಿದ್ದರು. ಹಿರಿಯ ರೈತ ಮುಖಂಡರನ್ನು ಸನ್ಮಾನಿಸಲಾಯಿತು.	ಸಂಕೇಶ್ವರ: ರೈತ ಸಂಘದ ಸಭೆಯಲ್ಲಿ ಮುಖಂಡರು ಮಾತನಾಡಿದರು. ಕಲ್ಲಪ್ಪ ಕುಂದರಗಿ, ಮಲ್ಲಪ್ಪ ಕೆಂಚನ್ನವರ, ಶಂಕರ ಪೂಜಾರಿ, ರಾಜು ತಳವಾರ, ಶಿವಾನಂದ ಪಾಟೀಲ, ಭೀಮಪ್ಪ ನಾಯಿಕ ಸೇರಿದಂತೆ ಅನೇಕ ರೈತರು ಭಾಗವಹಿಸಿದ್ದರು.
